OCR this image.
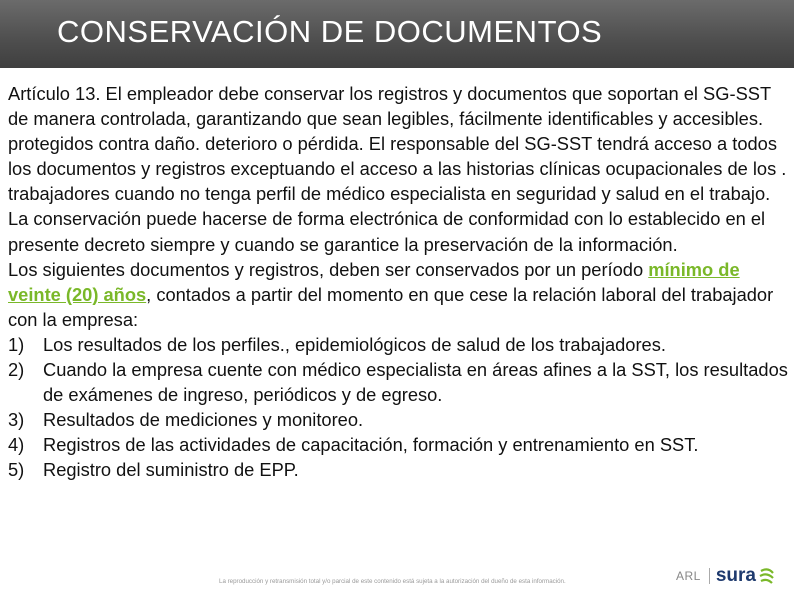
CONSERVACIÓN DE DOCUMENTOS

Artículo 13. El empleador debe conservar los registros y documentos que soportan el SG-SST de manera controlada, garantizando que sean legibles, fácilmente identificables y accesibles. protegidos contra daño. deterioro o pérdida. El responsable del SG-SST tendrá acceso a todos los documentos y registros exceptuando el acceso a las historias clínicas ocupacionales de los . trabajadores cuando no tenga perfil de médico especialista en seguridad y salud en el trabajo.

La conservación puede hacerse de forma electrónica de conformidad con lo establecido en el presente decreto siempre y cuando se garantice la preservación de la información.

Los siguientes documentos y registros, deben ser conservados por un período mínimo de veinte (20) años, contados a partir del momento en que cese la relación laboral del trabajador con la empresa:

1) Los resultados de los perfiles., epidemiológicos de salud de los trabajadores.
2) Cuando la empresa cuente con médico especialista en áreas afines a la SST, los resultados de exámenes de ingreso, periódicos y de egreso.
3) Resultados de mediciones y monitoreo.
4) Registros de las actividades de capacitación, formación y entrenamiento en SST.
5) Registro del suministro de EPP.
La reproducción y retransmisión total y/o parcial de este contenido está sujeta a la autorización del dueño de esta información.	ARL sura
